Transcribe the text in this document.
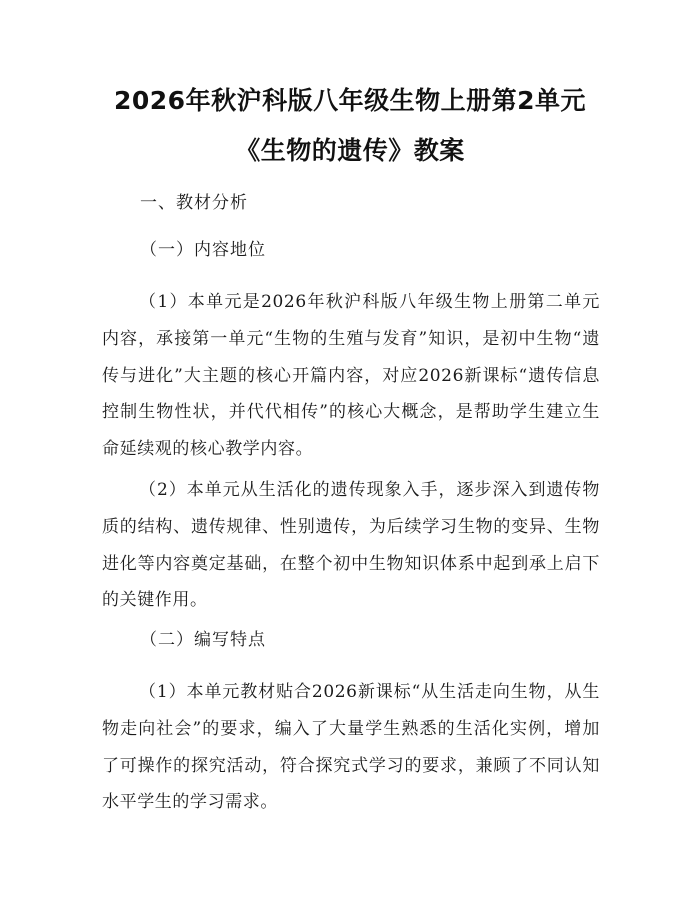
2026年秋沪科版八年级生物上册第2单元
《生物的遗传》教案
一、教材分析
（一）内容地位

（1）本单元是2026年秋沪科版八年级生物上册第二单元内容，承接第一单元“生物的生殖与发育”知识，是初中生物“遗传与进化”大主题的核心开篇内容，对应2026新课标“遗传信息控制生物性状，并代代相传”的核心大概念，是帮助学生建立生命延续观的核心教学内容。

（2）本单元从生活化的遗传现象入手，逐步深入到遗传物质的结构、遗传规律、性别遗传，为后续学习生物的变异、生物进化等内容奠定基础，在整个初中生物知识体系中起到承上启下的关键作用。

（二）编写特点

（1）本单元教材贴合2026新课标“从生活走向生物，从生物走向社会”的要求，编入了大量学生熟悉的生活化实例，增加了可操作的探究活动，符合探究式学习的要求，兼顾了不同认知水平学生的学习需求。
